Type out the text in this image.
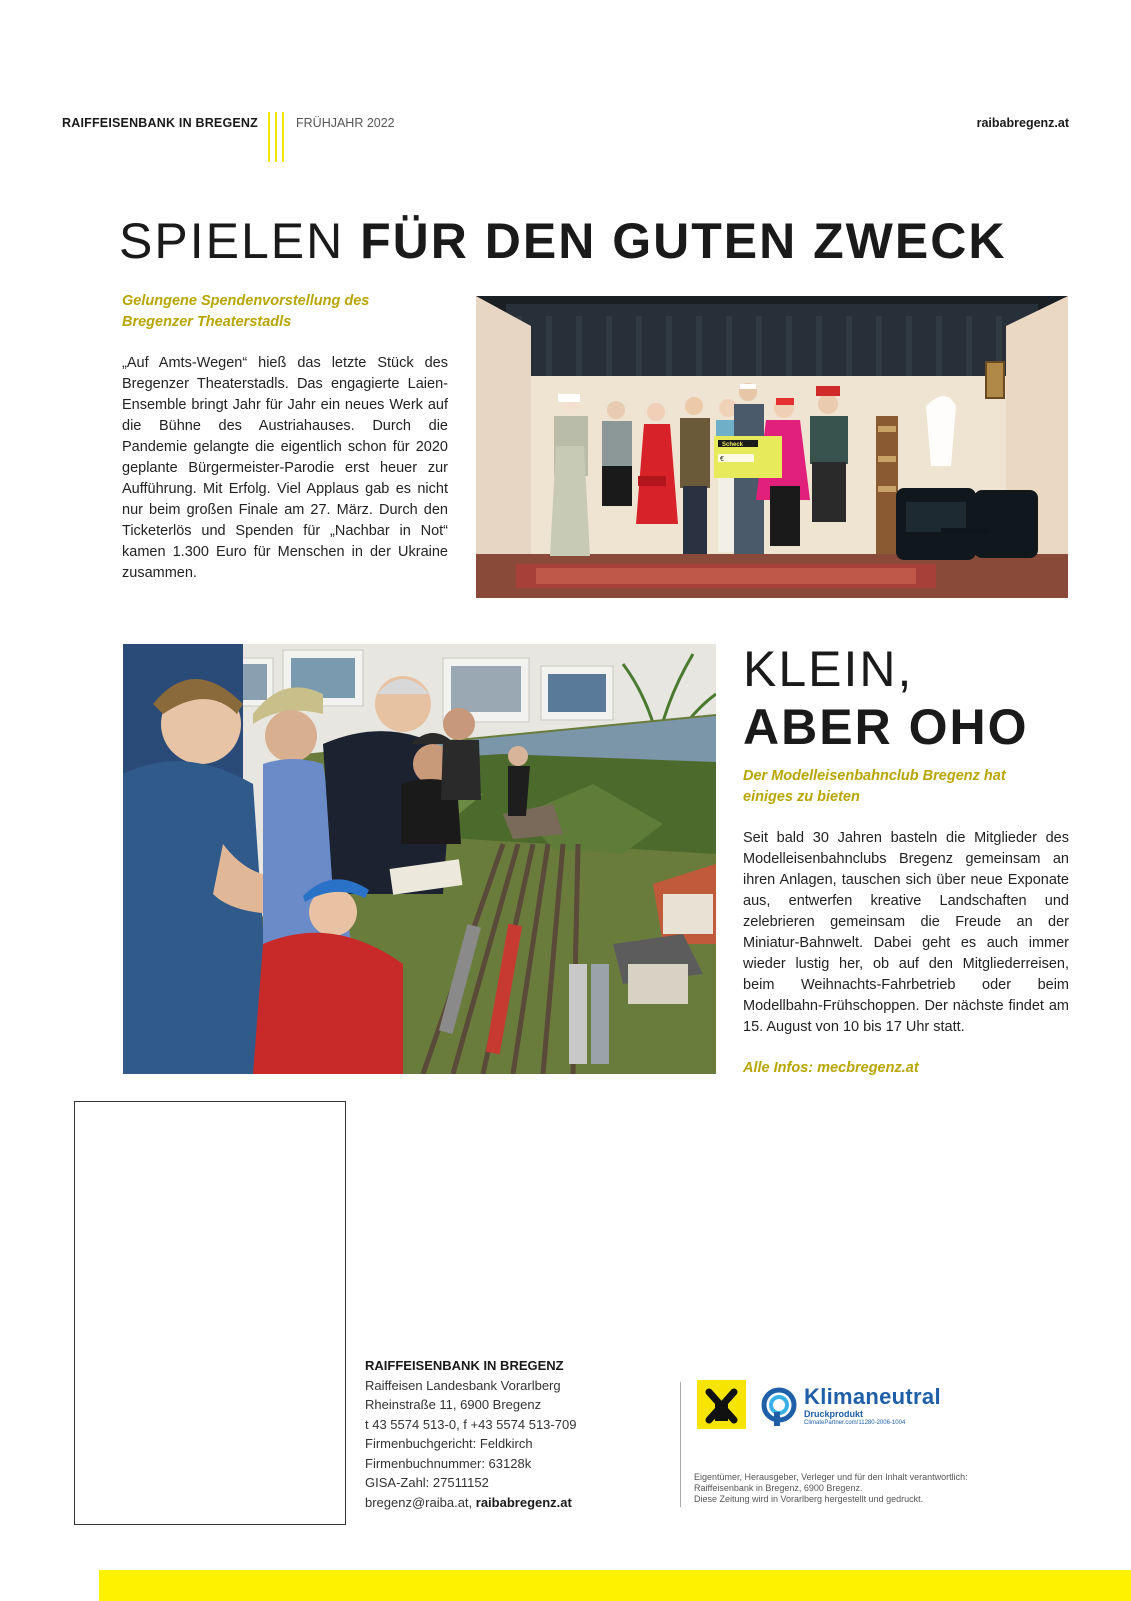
RAIFFEISENBANK IN BREGENZ	FRÜHJAHR 2022	raibabregenz.at
SPIELEN FÜR DEN GUTEN ZWECK
Gelungene Spendenvorstellung des
Bregenzer Theaterstadls

„Auf Amts-Wegen“ hieß das letzte Stück des Bregenzer Theaterstadls. Das engagierte Laien-Ensemble bringt Jahr für Jahr ein neues Werk auf die Bühne des Austriahauses. Durch die Pandemie gelangte die eigentlich schon für 2020 geplante Bürgermeister-Parodie erst heuer zur Aufführung. Mit Erfolg. Viel Applaus gab es nicht nur beim großen Finale am 27. März. Durch den Ticketerlös und Spenden für „Nachbar in Not“ kamen 1.300 Euro für Menschen in der Ukraine zusammen.

Scheck
€
KLEIN,
ABER OHO
Der Modelleisenbahnclub Bregenz hat
einiges zu bieten

Seit bald 30 Jahren basteln die Mitglieder des Modelleisenbahnclubs Bregenz gemeinsam an ihren Anlagen, tauschen sich über neue Exponate aus, entwerfen kreative Landschaften und zelebrieren gemeinsam die Freude an der Miniatur-Bahnwelt. Dabei geht es auch immer wieder lustig her, ob auf den Mitgliederreisen, beim Weihnachts-Fahrbetrieb oder beim Modellbahn-Frühschoppen. Der nächste findet am 15. August von 10 bis 17 Uhr statt.

Alle Infos: mecbregenz.at
RAIFFEISENBANK IN BREGENZ
Raiffeisen Landesbank Vorarlberg
Rheinstraße 11, 6900 Bregenz
t 43 5574 513-0, f +43 5574 513-709
Firmenbuchgericht: Feldkirch
Firmenbuchnummer: 63128k
GISA-Zahl: 27511152
bregenz@raiba.at, raibabregenz.at
Klimaneutral
Druckprodukt
ClimatePartner.com/11280-2006-1004
Eigentümer, Herausgeber, Verleger und für den Inhalt verantwortlich:
Raiffeisenbank in Bregenz, 6900 Bregenz.
Diese Zeitung wird in Vorarlberg hergestellt und gedruckt.
